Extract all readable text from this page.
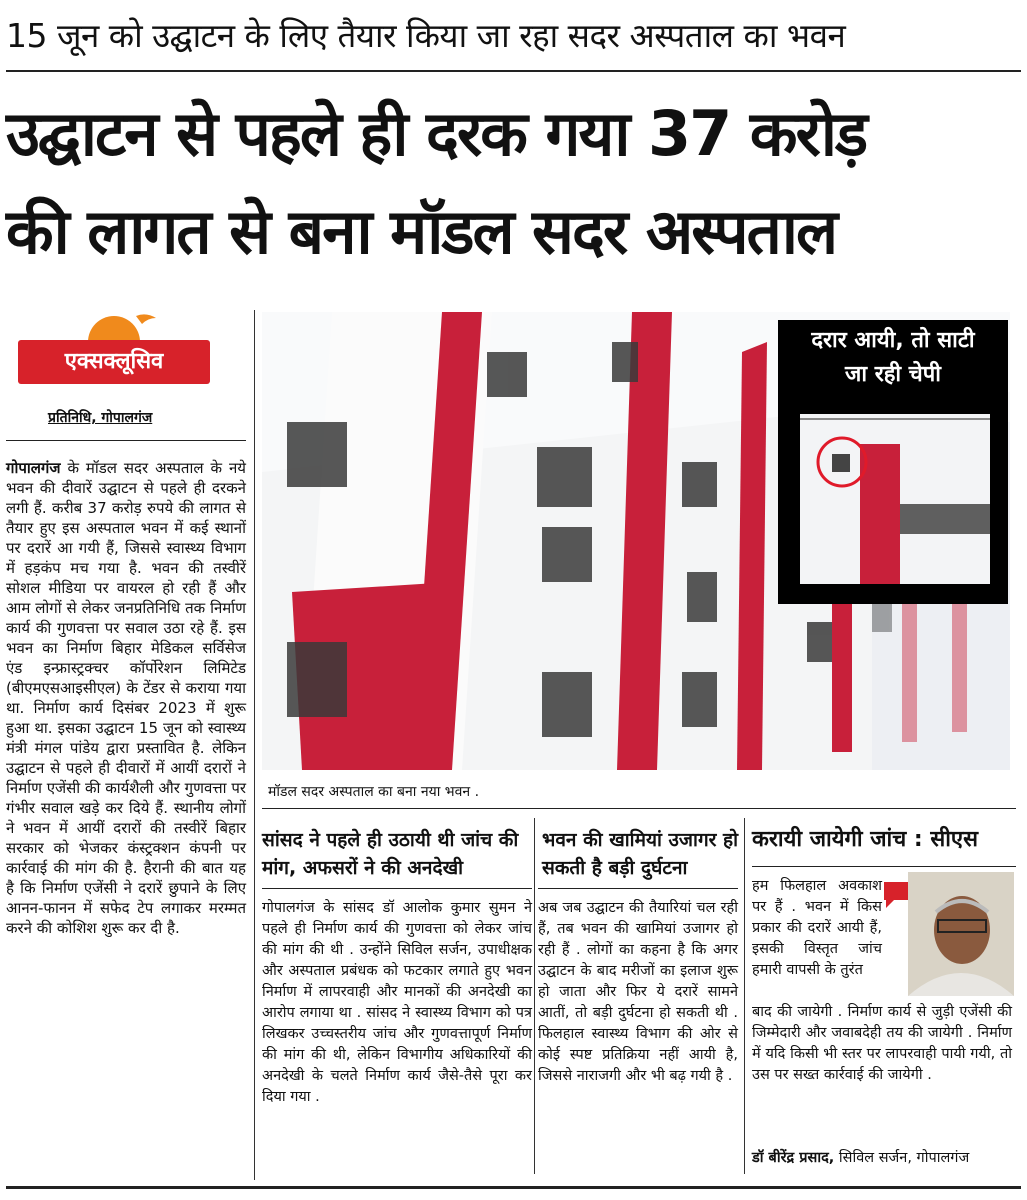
15 जून को उद्घाटन के लिए तैयार किया जा रहा सदर अस्पताल का भवन
उद्घाटन से पहले ही दरक गया 37 करोड़
की लागत से बना मॉडल सदर अस्पताल
एक्सक्लूसिव
प्रतिनिधि, गोपालगंज

गोपालगंज के मॉडल सदर अस्पताल के नये भवन की दीवारें उद्घाटन से पहले ही दरकने लगी हैं. करीब 37 करोड़ रुपये की लागत से तैयार हुए इस अस्पताल भवन में कई स्थानों पर दरारें आ गयी हैं, जिससे स्वास्थ्य विभाग में हड़कंप मच गया है. भवन की तस्वीरें सोशल मीडिया पर वायरल हो रही हैं और आम लोगों से लेकर जनप्रतिनिधि तक निर्माण कार्य की गुणवत्ता पर सवाल उठा रहे हैं. इस भवन का निर्माण बिहार मेडिकल सर्विसेज एंड इन्फ्रास्ट्रक्चर कॉर्पोरेशन लिमिटेड (बीएमएसआइसीएल) के टेंडर से कराया गया था. निर्माण कार्य दिसंबर 2023 में शुरू हुआ था. इसका उद्घाटन 15 जून को स्वास्थ्य मंत्री मंगल पांडेय द्वारा प्रस्तावित है. लेकिन उद्घाटन से पहले ही दीवारों में आयीं दरारों ने निर्माण एजेंसी की कार्यशैली और गुणवत्ता पर गंभीर सवाल खड़े कर दिये हैं. स्थानीय लोगों ने भवन में आयीं दरारों की तस्वीरें बिहार सरकार को भेजकर कंस्ट्रक्शन कंपनी पर कार्रवाई की मांग की है. हैरानी की बात यह है कि निर्माण एजेंसी ने दरारें छुपाने के लिए आनन-फानन में सफेद टेप लगाकर मरम्मत करने की कोशिश शुरू कर दी है.

मॉडल सदर अस्पताल का बना नया भवन .
दरार आयी, तो साटी
जा रही चेपी
सांसद ने पहले ही उठायी थी जांच की मांग, अफसरों ने की अनदेखी
गोपालगंज के सांसद डॉ आलोक कुमार सुमन ने पहले ही निर्माण कार्य की गुणवत्ता को लेकर जांच की मांग की थी . उन्होंने सिविल सर्जन, उपाधीक्षक और अस्पताल प्रबंधक को फटकार लगाते हुए भवन निर्माण में लापरवाही और मानकों की अनदेखी का आरोप लगाया था . सांसद ने स्वास्थ्य विभाग को पत्र लिखकर उच्चस्तरीय जांच और गुणवत्तापूर्ण निर्माण की मांग की थी, लेकिन विभागीय अधिकारियों की अनदेखी के चलते निर्माण कार्य जैसे-तैसे पूरा कर दिया गया .
भवन की खामियां उजागर हो सकती है बड़ी दुर्घटना
अब जब उद्घाटन की तैयारियां चल रही हैं, तब भवन की खामियां उजागर हो रही हैं . लोगों का कहना है कि अगर उद्घाटन के बाद मरीजों का इलाज शुरू हो जाता और फिर ये दरारें सामने आतीं, तो बड़ी दुर्घटना हो सकती थी . फिलहाल स्वास्थ्य विभाग की ओर से कोई स्पष्ट प्रतिक्रिया नहीं आयी है, जिससे नाराजगी और भी बढ़ गयी है .
करायी जायेगी जांच : सीएस
हम फिलहाल अवकाश पर हैं . भवन में किस प्रकार की दरारें आयी हैं, इसकी विस्तृत जांच हमारी वापसी के तुरंत
बाद की जायेगी . निर्माण कार्य से जुड़ी एजेंसी की जिम्मेदारी और जवाबदेही तय की जायेगी . निर्माण में यदि किसी भी स्तर पर लापरवाही पायी गयी, तो उस पर सख्त कार्रवाई की जायेगी .
डॉ बीरेंद्र प्रसाद, सिविल सर्जन, गोपालगंज
